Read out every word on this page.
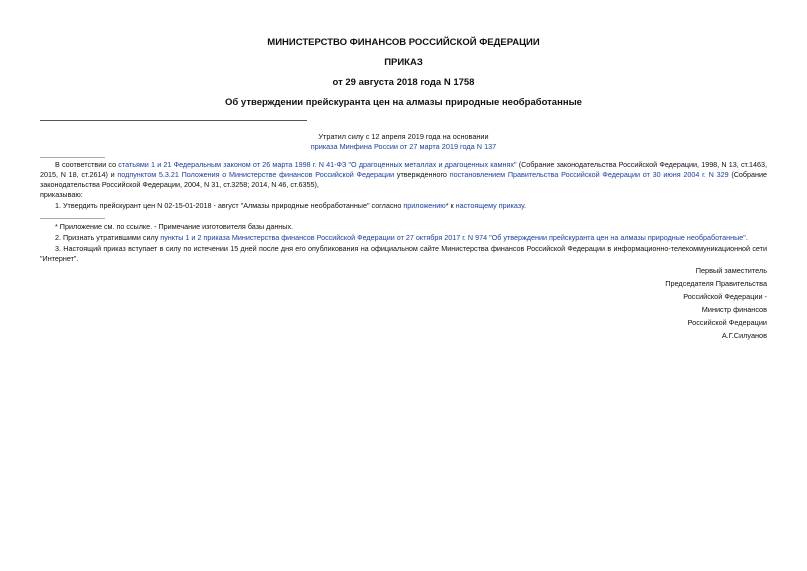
МИНИСТЕРСТВО ФИНАНСОВ РОССИЙСКОЙ ФЕДЕРАЦИИ
ПРИКАЗ
от 29 августа 2018 года N 1758
Об утверждении прейскуранта цен на алмазы природные необработанные
Утратил силу с 12 апреля 2019 года на основании
приказа Минфина России от 27 марта 2019 года N 137

В соответствии со статьями 1 и 21 Федеральным законом от 26 марта 1998 г. N 41-ФЗ "О драгоценных металлах и драгоценных камнях" (Собрание законодательства Российской Федерации, 1998, N 13, ст.1463, 2015, N 18, ст.2614) и подпунктом 5.3.21 Положения о Министерстве финансов Российской Федерации утвержденного постановлением Правительства Российской Федерации от 30 июня 2004 г. N 329 (Собрание законодательства Российской Федерации, 2004, N 31, ст.3258; 2014, N 46, ст.6355),

приказываю:

1. Утвердить прейскурант цен N 02-15-01-2018 - август "Алмазы природные необработанные" согласно приложению* к настоящему приказу.

* Приложение см. по ссылке. - Примечание изготовителя базы данных.

2. Признать утратившими силу пункты 1 и 2 приказа Министерства финансов Российской Федерации от 27 октября 2017 г. N 974 "Об утверждении прейскуранта цен на алмазы природные необработанные".

3. Настоящий приказ вступает в силу по истечении 15 дней после дня его опубликования на официальном сайте Министерства финансов Российской Федерации в информационно-телекоммуникационной сети "Интернет".

Первый заместитель
Председателя Правительства
Российской Федерации -
Министр финансов
Российской Федерации
А.Г.Силуанов
